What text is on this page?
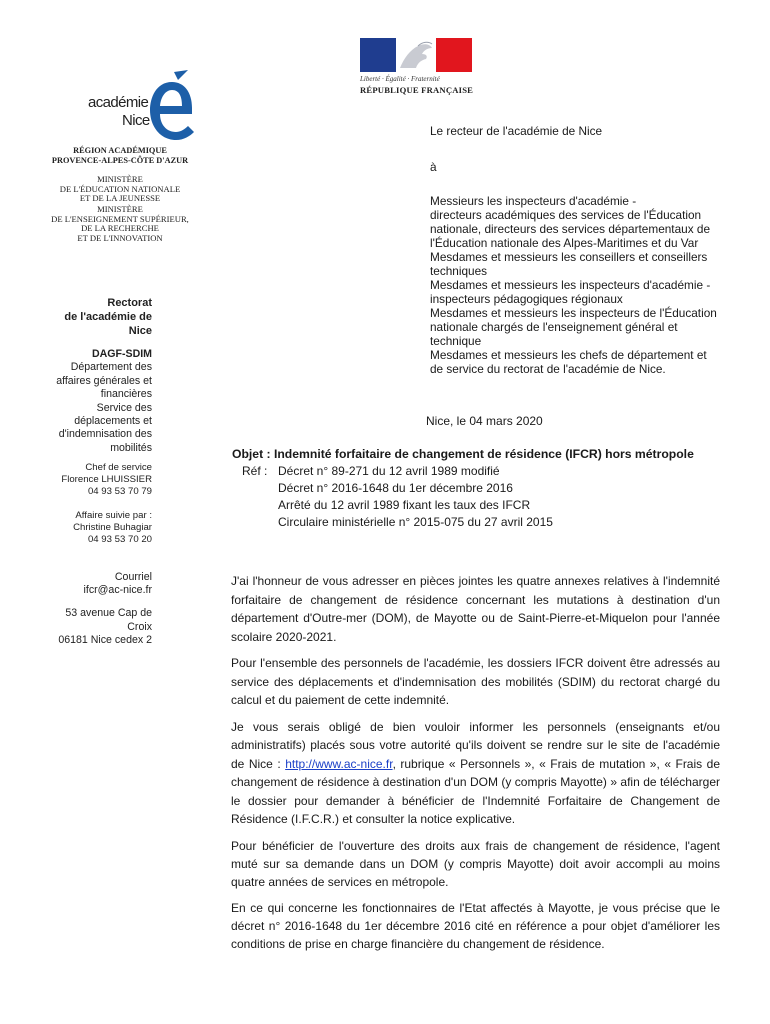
Liberté · Égalité · Fraternité
RÉPUBLIQUE FRANÇAISE
académie
Nice
RÉGION ACADÉMIQUE
PROVENCE-ALPES-CÔTE D'AZUR
MINISTÈRE
DE L'ÉDUCATION NATIONALE
ET DE LA JEUNESSE
MINISTÈRE
DE L'ENSEIGNEMENT SUPÉRIEUR,
DE LA RECHERCHE
ET DE L'INNOVATION
Rectorat
de l'académie de
Nice
DAGF-SDIM
Département des
affaires générales et
financières
Service des
déplacements et
d'indemnisation des
mobilités
Chef de service
Florence LHUISSIER
04 93 53 70 79
Affaire suivie par :
Christine Buhagiar
04 93 53 70 20
Courriel
ifcr@ac-nice.fr
53 avenue Cap de
Croix
06181 Nice cedex 2
Le recteur de l'académie de Nice
à
Messieurs les inspecteurs d'académie -
directeurs académiques des services de l'Éducation
nationale, directeurs des services départementaux de
l'Éducation nationale des Alpes-Maritimes et du Var
Mesdames et messieurs les conseillers et conseillers
techniques
Mesdames et messieurs les inspecteurs d'académie -
inspecteurs pédagogiques régionaux
Mesdames et messieurs les inspecteurs de l'Éducation
nationale chargés de l'enseignement général et
technique
Mesdames et messieurs les chefs de département et
de service du rectorat de l'académie de Nice.
Nice, le 04 mars 2020
Objet : Indemnité forfaitaire de changement de résidence (IFCR) hors métropole
Réf : Décret n° 89-271 du 12 avril 1989 modifié
Décret n° 2016-1648 du 1er décembre 2016
Arrêté du 12 avril 1989 fixant les taux des IFCR
Circulaire ministérielle n° 2015-075 du 27 avril 2015

J'ai l'honneur de vous adresser en pièces jointes les quatre annexes relatives à l'indemnité forfaitaire de changement de résidence concernant les mutations à destination d'un département d'Outre-mer (DOM), de Mayotte ou de Saint-Pierre-et-Miquelon pour l'année scolaire 2020-2021.

Pour l'ensemble des personnels de l'académie, les dossiers IFCR doivent être adressés au service des déplacements et d'indemnisation des mobilités (SDIM) du rectorat chargé du calcul et du paiement de cette indemnité.

Je vous serais obligé de bien vouloir informer les personnels (enseignants et/ou administratifs) placés sous votre autorité qu'ils doivent se rendre sur le site de l'académie de Nice : http://www.ac-nice.fr, rubrique « Personnels », « Frais de mutation », « Frais de changement de résidence à destination d'un DOM (y compris Mayotte) » afin de télécharger le dossier pour demander à bénéficier de l'Indemnité Forfaitaire de Changement de Résidence (I.F.C.R.) et consulter la notice explicative.

Pour bénéficier de l'ouverture des droits aux frais de changement de résidence, l'agent muté sur sa demande dans un DOM (y compris Mayotte) doit avoir accompli au moins quatre années de services en métropole.

En ce qui concerne les fonctionnaires de l'Etat affectés à Mayotte, je vous précise que le décret n° 2016-1648 du 1er décembre 2016 cité en référence a pour objet d'améliorer les conditions de prise en charge financière du changement de résidence.
